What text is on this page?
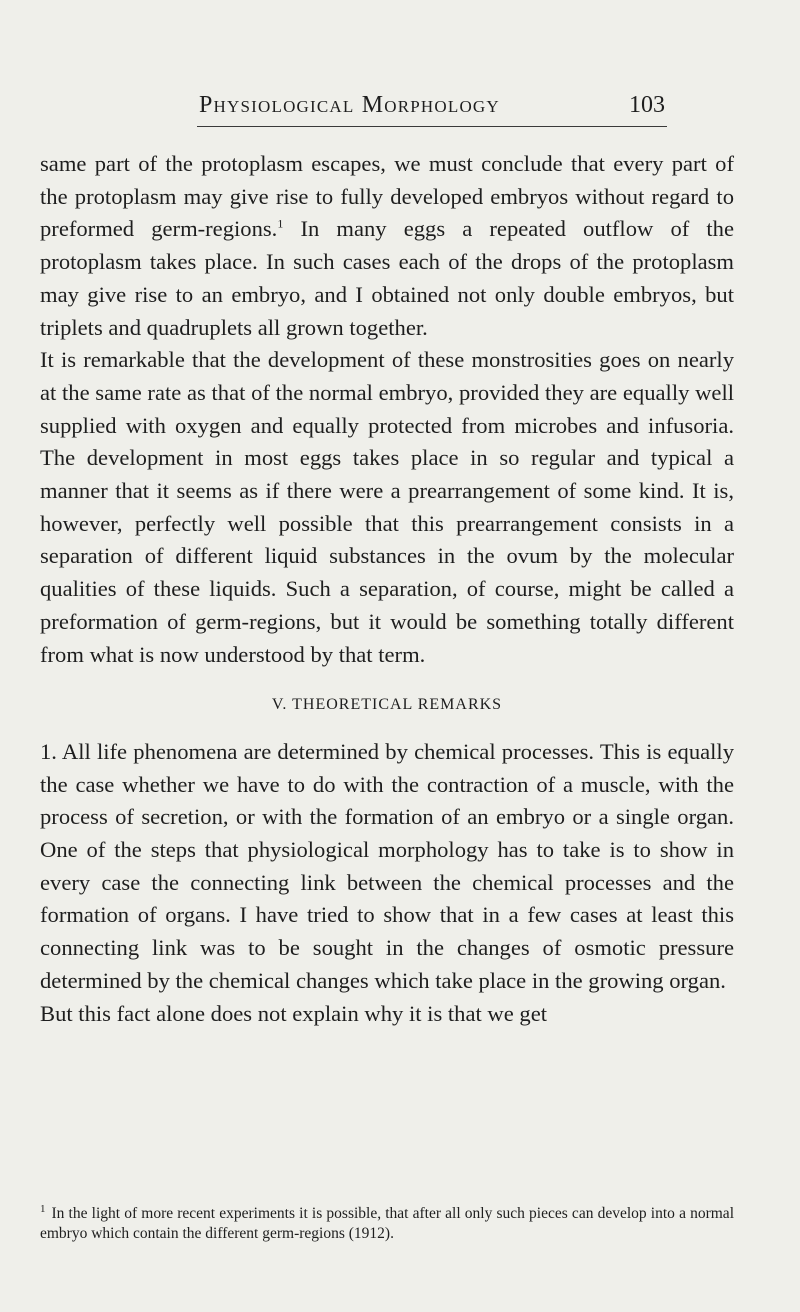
Physiological Morphology	103

same part of the protoplasm escapes, we must conclude that every part of the protoplasm may give rise to fully developed embryos without regard to preformed germ-regions.$^1$ In many eggs a repeated outflow of the protoplasm takes place. In such cases each of the drops of the protoplasm may give rise to an embryo, and I obtained not only double embryos, but triplets and quadruplets all grown together.

It is remarkable that the development of these monstrosities goes on nearly at the same rate as that of the normal embryo, provided they are equally well supplied with oxygen and equally protected from microbes and infusoria. The development in most eggs takes place in so regular and typical a manner that it seems as if there were a prearrangement of some kind. It is, however, perfectly well possible that this prearrangement consists in a separation of different liquid substances in the ovum by the molecular qualities of these liquids. Such a separation, of course, might be called a preformation of germ-regions, but it would be something totally different from what is now understood by that term.

V. THEORETICAL REMARKS

1. All life phenomena are determined by chemical processes. This is equally the case whether we have to do with the contraction of a muscle, with the process of secretion, or with the formation of an embryo or a single organ. One of the steps that physiological morphology has to take is to show in every case the connecting link between the chemical processes and the formation of organs. I have tried to show that in a few cases at least this connecting link was to be sought in the changes of osmotic pressure determined by the chemical changes which take place in the growing organ.

But this fact alone does not explain why it is that we get

$^1$ In the light of more recent experiments it is possible, that after all only such pieces can develop into a normal embryo which contain the different germ-regions (1912).
